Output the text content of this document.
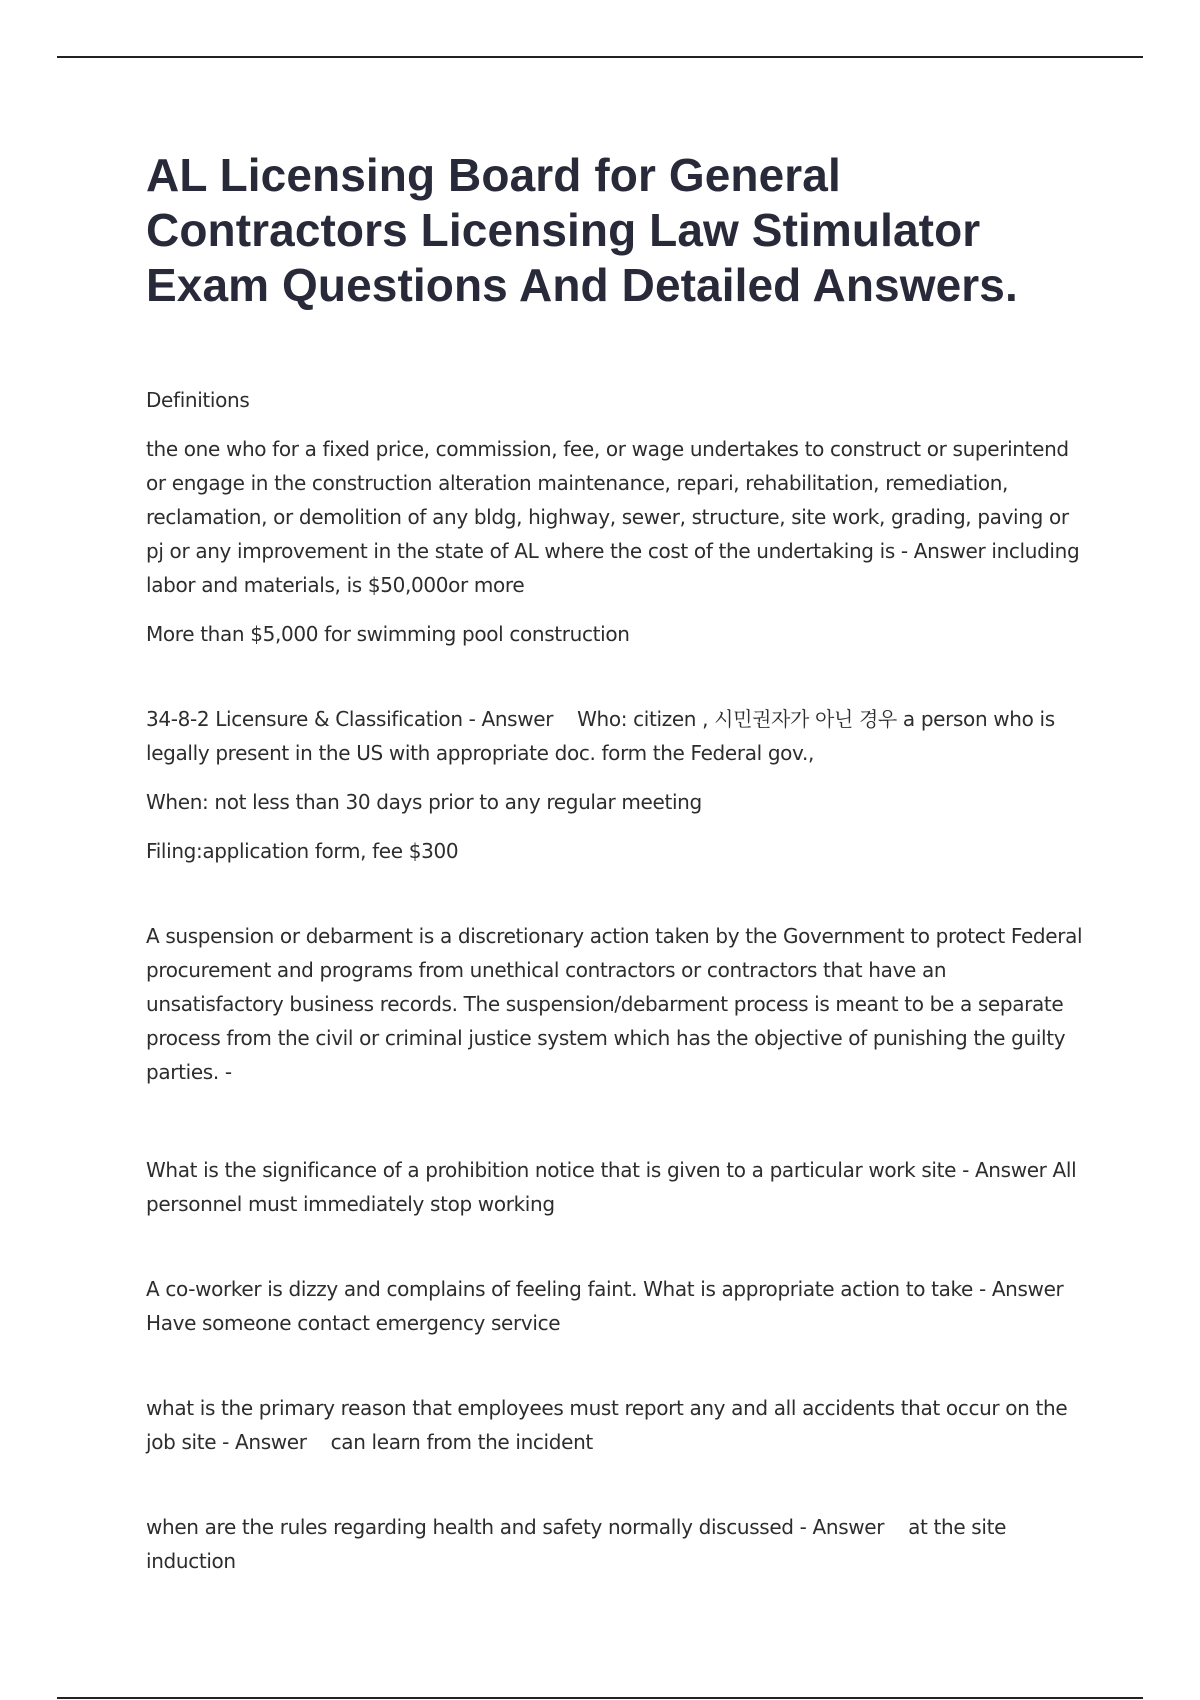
AL Licensing Board for General Contractors Licensing Law Stimulator Exam Questions And Detailed Answers.

Definitions

the one who for a fixed price, commission, fee, or wage undertakes to construct or superintend or engage in the construction alteration maintenance, repari, rehabilitation, remediation, reclamation, or demolition of any bldg, highway, sewer, structure, site work, grading, paving or pj or any improvement in the state of AL where the cost of the undertaking is - Answer including labor and materials, is $50,000or more

More than $5,000 for swimming pool construction

34-8-2 Licensure & Classification - Answer    Who: citizen , 시민권자가 아닌 경우 a person who is legally present in the US with appropriate doc. form the Federal gov.,

When: not less than 30 days prior to any regular meeting

Filing:application form, fee $300

A suspension or debarment is a discretionary action taken by the Government to protect Federal procurement and programs from unethical contractors or contractors that have an unsatisfactory business records. The suspension/debarment process is meant to be a separate process from the civil or criminal justice system which has the objective of punishing the guilty parties. -

What is the significance of a prohibition notice that is given to a particular work site - Answer All personnel must immediately stop working

A co-worker is dizzy and complains of feeling faint. What is appropriate action to take - Answer Have someone contact emergency service

what is the primary reason that employees must report any and all accidents that occur on the job site - Answer    can learn from the incident

when are the rules regarding health and safety normally discussed - Answer    at the site induction
